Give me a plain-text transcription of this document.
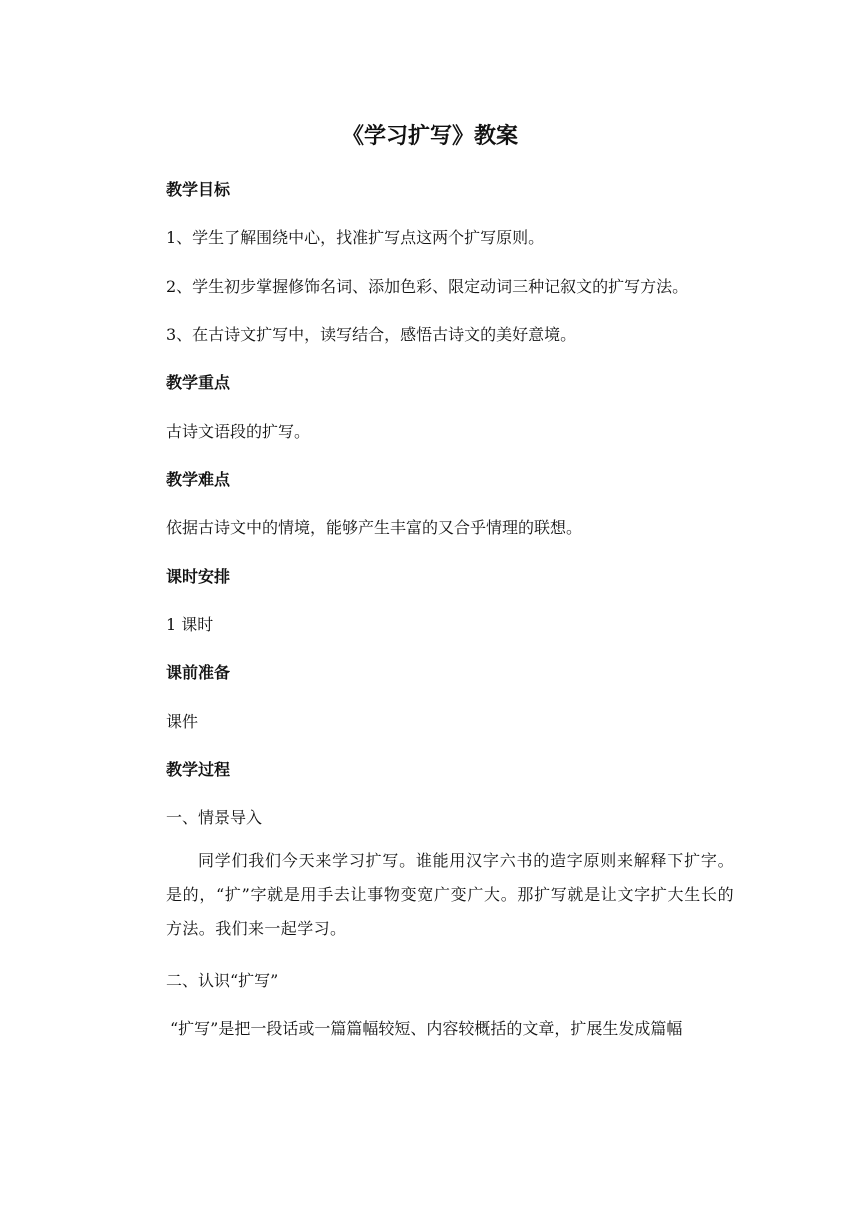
《学习扩写》教案
教学目标
1、学生了解围绕中心，找准扩写点这两个扩写原则。
2、学生初步掌握修饰名词、添加色彩、限定动词三种记叙文的扩写方法。
3、在古诗文扩写中，读写结合，感悟古诗文的美好意境。
教学重点
古诗文语段的扩写。
教学难点
依据古诗文中的情境，能够产生丰富的又合乎情理的联想。
课时安排
1 课时
课前准备
课件
教学过程
一、情景导入
同学们我们今天来学习扩写。谁能用汉字六书的造字原则来解释下扩字。是的，“扩”字就是用手去让事物变宽广变广大。那扩写就是让文字扩大生长的方法。我们来一起学习。
二、认识“扩写”
“扩写”是把一段话或一篇篇幅较短、内容较概括的文章，扩展生发成篇幅
